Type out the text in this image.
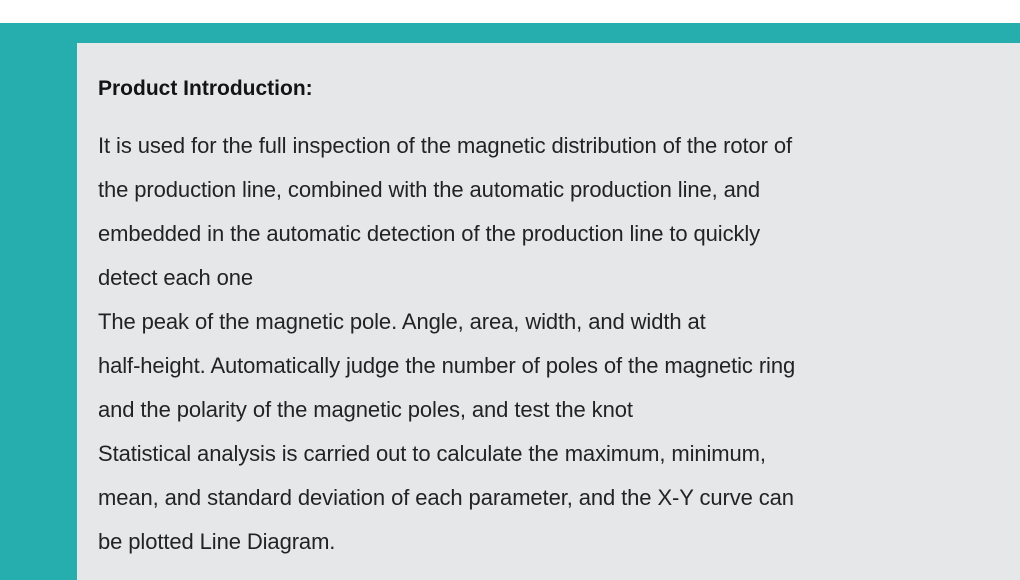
Product Introduction:
It is used for the full inspection of the magnetic distribution of the rotor of
the production line, combined with the automatic production line, and
embedded in the automatic detection of the production line to quickly
detect each one
The peak of the magnetic pole. Angle, area, width, and width at
half-height. Automatically judge the number of poles of the magnetic ring
and the polarity of the magnetic poles, and test the knot
Statistical analysis is carried out to calculate the maximum, minimum,
mean, and standard deviation of each parameter, and the X-Y curve can
be plotted Line Diagram.
